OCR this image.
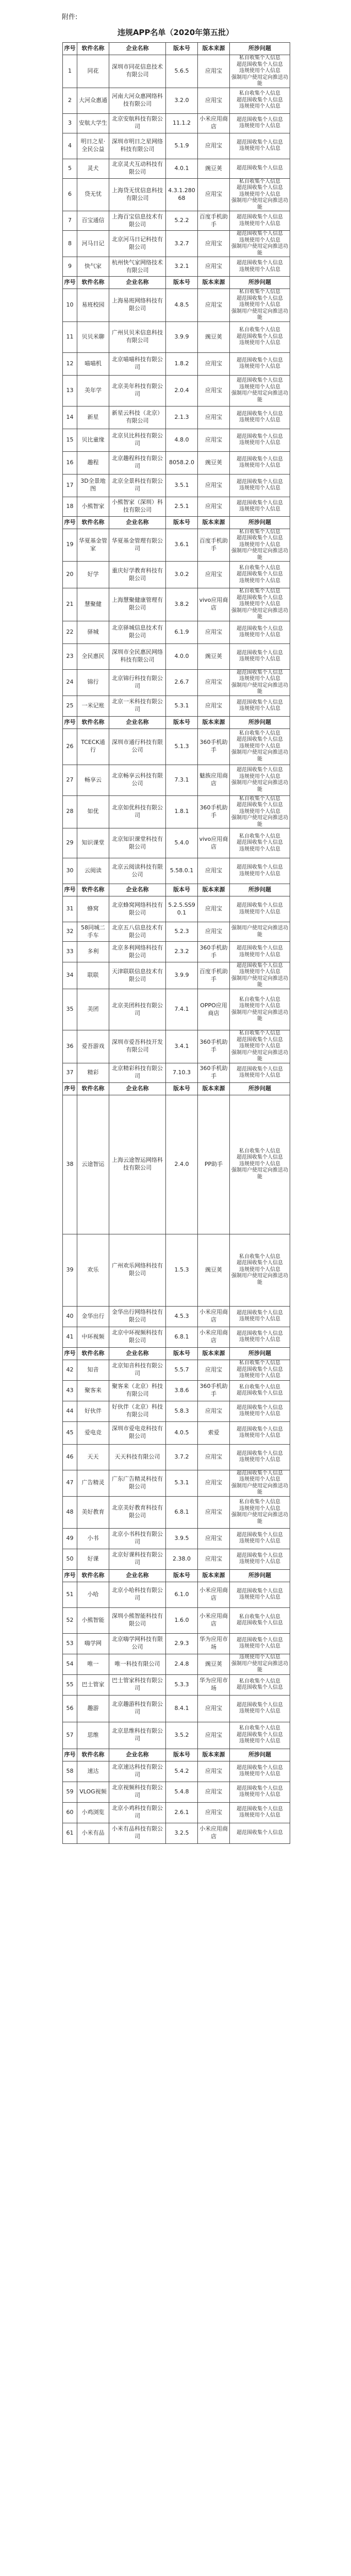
附件:
违规APP名单（2020年第五批）
序号	软件名称	企业名称	版本号	版本来源	所涉问题
1	同花	深圳市同花信息技术有限公司	5.6.5	应用宝	私自收集个人信息
超范围收集个人信息
违规使用个人信息
强制用户使用定向推送功能

2	大河众惠通	河南大河众惠网络科技有限公司	3.2.0	应用宝	私自收集个人信息
超范围收集个人信息
违规使用个人信息

3	安航大学生	北京安航科技有限公司	11.1.2	小米应用商店	超范围收集个人信息
违规使用个人信息

4	明日之星·全民公益	深圳市明日之星网络科技有限公司	5.1.9	应用宝	超范围收集个人信息
违规使用个人信息

5	灵犬	北京灵犬互动科技有限公司	4.0.1	豌豆荚	超范围收集个人信息

6	贷无忧	上海贷无忧信息科技有限公司	4.3.1.28068	应用宝	私自收集个人信息
超范围收集个人信息
违规使用个人信息
强制用户使用定向推送功能

7	百宝通信	上海百宝信息技术有限公司	5.2.2	百度手机助手	超范围收集个人信息
违规使用个人信息

8	河马日记	北京河马日记科技有限公司	3.2.7	应用宝	超范围收集个人信息
违规使用个人信息
强制用户使用定向推送功能

9	快气家	杭州快气家网络技术有限公司	3.2.1	应用宝	超范围收集个人信息
违规使用个人信息

序号	软件名称	企业名称	版本号	版本来源	所涉问题
10	易班校园	上海易班网络科技有限公司	4.8.5	应用宝	私自收集个人信息
超范围收集个人信息
违规使用个人信息
强制用户使用定向推送功能

11	贝贝米聊	广州贝贝米信息科技有限公司	3.9.9	豌豆荚	私自收集个人信息
超范围收集个人信息
违规使用个人信息

12	喵喵机	北京喵喵科技有限公司	1.8.2	应用宝	超范围收集个人信息
违规使用个人信息

13	美年学	北京美年科技有限公司	2.0.4	应用宝	超范围收集个人信息
违规使用个人信息
强制用户使用定向推送功能

14	新星	新星云科技（北京）有限公司	2.1.3	应用宝	超范围收集个人信息
违规使用个人信息

15	贝比童缘	北京贝比科技有限公司	4.8.0	应用宝	超范围收集个人信息
违规使用个人信息

16	趣程	北京趣程科技有限公司	8058.2.0	豌豆荚	超范围收集个人信息
违规使用个人信息

17	3D全景地图	北京全景科技有限公司	3.5.1	应用宝	超范围收集个人信息
违规使用个人信息

18	小熊智家	小熊智家（深圳）科技有限公司	2.5.1	应用宝	超范围收集个人信息
违规使用个人信息

序号	软件名称	企业名称	版本号	版本来源	所涉问题
19	华夏基金管家	华夏基金管理有限公司	3.6.1	百度手机助手	私自收集个人信息
超范围收集个人信息
违规使用个人信息
强制用户使用定向推送功能

20	好学	重庆好学教育科技有限公司	3.0.2	应用宝	私自收集个人信息
超范围收集个人信息
违规使用个人信息

21	慧聚健	上海慧聚健康管理有限公司	3.8.2	vivo应用商店	私自收集个人信息
超范围收集个人信息
违规使用个人信息
强制用户使用定向推送功能

22	驿城	北京驿城信息技术有限公司	6.1.9	应用宝	超范围收集个人信息
违规使用个人信息

23	全民惠民	深圳市全民惠民网络科技有限公司	4.0.0	豌豆荚	超范围收集个人信息
违规使用个人信息

24	锦行	北京锦行科技有限公司	2.6.7	应用宝	超范围收集个人信息
违规使用个人信息
强制用户使用定向推送功能

25	一米记账	北京一米科技有限公司	5.3.1	应用宝	超范围收集个人信息
违规使用个人信息

序号	软件名称	企业名称	版本号	版本来源	所涉问题
26	TCECK通行	深圳市通行科技有限公司	5.1.3	360手机助手	私自收集个人信息
超范围收集个人信息
违规使用个人信息
强制用户使用定向推送功能

27	畅享云	北京畅享云科技有限公司	7.3.1	魅族应用商店	超范围收集个人信息
违规使用个人信息
强制用户使用定向推送功能

28	如优	北京如优科技有限公司	1.8.1	360手机助手	私自收集个人信息
超范围收集个人信息
违规使用个人信息
强制用户使用定向推送功能

29	知识课堂	北京知识课堂科技有限公司	5.4.0	vivo应用商店	私自收集个人信息
超范围收集个人信息
违规使用个人信息

30	云阅读	北京云阅读科技有限公司	5.58.0.1	应用宝	超范围收集个人信息
违规使用个人信息

序号	软件名称	企业名称	版本号	版本来源	所涉问题
31	蜂窝	北京蜂窝网络科技有限公司	5.2.5.SS90.1	应用宝	超范围收集个人信息
违规使用个人信息

32	58同城二手车	北京五八信息技术有限公司	5.2.3	应用宝	强制用户使用定向推送功能

33	多利	北京多利网络科技有限公司	2.3.2	360手机助手	超范围收集个人信息
违规使用个人信息

34	联联	天津联联信息技术有限公司	3.9.9	百度手机助手	超范围收集个人信息
违规使用个人信息
强制用户使用定向推送功能

35	美团	北京美团科技有限公司	7.4.1	OPPO应用商店	私自收集个人信息
违规使用个人信息
强制用户使用定向推送功能

36	爱吾游戏	深圳市爱吾科技开发有限公司	3.4.1	360手机助手	私自收集个人信息
超范围收集个人信息
违规使用个人信息
强制用户使用定向推送功能

37	精彩	北京精彩科技有限公司	7.10.3	360手机助手	超范围收集个人信息
违规使用个人信息

序号	软件名称	企业名称	版本号	版本来源	所涉问题
38	云途智运	上海云途智运网络科技有限公司	2.4.0	PP助手	私自收集个人信息
超范围收集个人信息
违规使用个人信息
强制用户使用定向推送功能

39	欢乐	广州欢乐网络科技有限公司	1.5.3	豌豆荚	私自收集个人信息
超范围收集个人信息
违规使用个人信息
强制用户使用定向推送功能

40	金华出行	金华出行网络科技有限公司	4.5.3	小米应用商店	超范围收集个人信息
违规使用个人信息

41	中环视频	北京中环视频科技有限公司	6.8.1	小米应用商店	超范围收集个人信息
违规使用个人信息

序号	软件名称	企业名称	版本号	版本来源	所涉问题
42	知音	北京知音科技有限公司	5.5.7	应用宝	私自收集个人信息
超范围收集个人信息
违规使用个人信息

43	聚客来	聚客来（北京）科技有限公司	3.8.6	360手机助手	私自收集个人信息
超范围收集个人信息

44	好伙伴	好伙伴（北京）科技有限公司	5.8.3	应用宝	超范围收集个人信息
违规使用个人信息

45	爱电竞	深圳市爱电竞科技有限公司	4.0.5	索爱	超范围收集个人信息
违规使用个人信息

46	天天	天天科技有限公司	3.7.2	应用宝	超范围收集个人信息
违规使用个人信息

47	广告精灵	广东广告精灵科技有限公司	5.3.1	应用宝	超范围收集个人信息
违规使用个人信息
强制用户使用定向推送功能

48	美好教育	北京美好教育科技有限公司	6.8.1	应用宝	私自收集个人信息
违规使用个人信息
强制用户使用定向推送功能

49	小书	北京小书科技有限公司	3.9.5	应用宝	超范围收集个人信息
违规使用个人信息

50	好课	北京好课科技有限公司	2.38.0	应用宝	超范围收集个人信息
违规使用个人信息

序号	软件名称	企业名称	版本号	版本来源	所涉问题
51	小哈	北京小哈科技有限公司	6.1.0	小米应用商店	超范围收集个人信息
违规使用个人信息

52	小熊智能	深圳小熊智能科技有限公司	1.6.0	小米应用商店	私自收集个人信息
超范围收集个人信息

53	嗨学网	北京嗨学网科技有限公司	2.9.3	华为应用市场	超范围收集个人信息
违规使用个人信息

54	唯一	唯一科技有限公司	2.4.8	豌豆荚	违规使用个人信息
强制用户使用定向推送功能

55	巴士管家	巴士管家科技有限公司	5.3.3	华为应用市场	私自收集个人信息
超范围收集个人信息

56	趣游	北京趣游科技有限公司	8.4.1	应用宝	超范围收集个人信息
违规使用个人信息

57	思维	北京思维科技有限公司	3.5.2	应用宝	私自收集个人信息
超范围收集个人信息
违规使用个人信息

序号	软件名称	企业名称	版本号	版本来源	所涉问题
58	速达	北京速达科技有限公司	5.4.2	应用宝	超范围收集个人信息
违规使用个人信息

59	VLOG视频	北京视频科技有限公司	5.4.8	应用宝	超范围收集个人信息
违规使用个人信息

60	小鸡浏览	北京小鸡科技有限公司	2.6.1	应用宝	超范围收集个人信息
违规使用个人信息

61	小米有品	小米有品科技有限公司	3.2.5	小米应用商店	超范围收集个人信息
